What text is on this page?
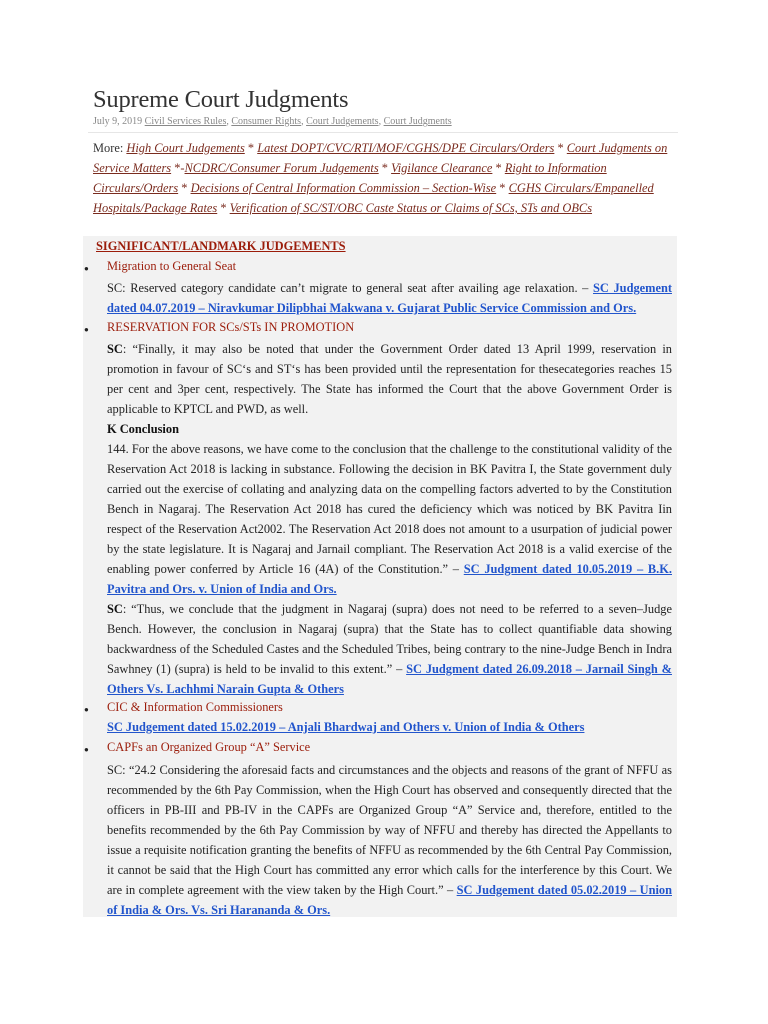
Supreme Court Judgments
July 9, 2019 Civil Services Rules, Consumer Rights, Court Judgements, Court Judgments
More: High Court Judgements * Latest DOPT/CVC/RTI/MOF/CGHS/DPE Circulars/Orders * Court Judgments on Service Matters *-NCDRC/Consumer Forum Judgements * Vigilance Clearance * Right to Information Circulars/Orders * Decisions of Central Information Commission – Section-Wise * CGHS Circulars/Empanelled Hospitals/Package Rates * Verification of SC/ST/OBC Caste Status or Claims of SCs, STs and OBCs
SIGNIFICANT/LANDMARK JUDGEMENTS
● Migration to General Seat
SC: Reserved category candidate can’t migrate to general seat after availing age relaxation. – SC Judgement dated 04.07.2019 – Niravkumar Dilipbhai Makwana v. Gujarat Public Service Commission and Ors.
● RESERVATION FOR SCs/STs IN PROMOTION
SC: “Finally, it may also be noted that under the Government Order dated 13 April 1999, reservation in promotion in favour of SC‘s and ST‘s has been provided until the representation for thesecategories reaches 15 per cent and 3per cent, respectively. The State has informed the Court that the above Government Order is applicable to KPTCL and PWD, as well.
K Conclusion
144. For the above reasons, we have come to the conclusion that the challenge to the constitutional validity of the Reservation Act 2018 is lacking in substance. Following the decision in BK Pavitra I, the State government duly carried out the exercise of collating and analyzing data on the compelling factors adverted to by the Constitution Bench in Nagaraj. The Reservation Act 2018 has cured the deficiency which was noticed by BK Pavitra Iin respect of the Reservation Act2002. The Reservation Act 2018 does not amount to a usurpation of judicial power by the state legislature. It is Nagaraj and Jarnail compliant. The Reservation Act 2018 is a valid exercise of the enabling power conferred by Article 16 (4A) of the Constitution.” – SC Judgment dated 10.05.2019 – B.K. Pavitra and Ors. v. Union of India and Ors.
SC: “Thus, we conclude that the judgment in Nagaraj (supra) does not need to be referred to a seven–Judge Bench. However, the conclusion in Nagaraj (supra) that the State has to collect quantifiable data showing backwardness of the Scheduled Castes and the Scheduled Tribes, being contrary to the nine-Judge Bench in Indra Sawhney (1) (supra) is held to be invalid to this extent.” – SC Judgment dated 26.09.2018 – Jarnail Singh & Others Vs. Lachhmi Narain Gupta & Others
● CIC & Information Commissioners
SC Judgement dated 15.02.2019 – Anjali Bhardwaj and Others v. Union of India & Others
● CAPFs an Organized Group “A” Service
SC: “24.2 Considering the aforesaid facts and circumstances and the objects and reasons of the grant of NFFU as recommended by the 6th Pay Commission, when the High Court has observed and consequently directed that the officers in PB-III and PB-IV in the CAPFs are Organized Group “A” Service and, therefore, entitled to the benefits recommended by the 6th Pay Commission by way of NFFU and thereby has directed the Appellants to issue a requisite notification granting the benefits of NFFU as recommended by the 6th Central Pay Commission, it cannot be said that the High Court has committed any error which calls for the interference by this Court. We are in complete agreement with the view taken by the High Court.” – SC Judgement dated 05.02.2019 – Union of India & Ors. Vs. Sri Harananda & Ors.
